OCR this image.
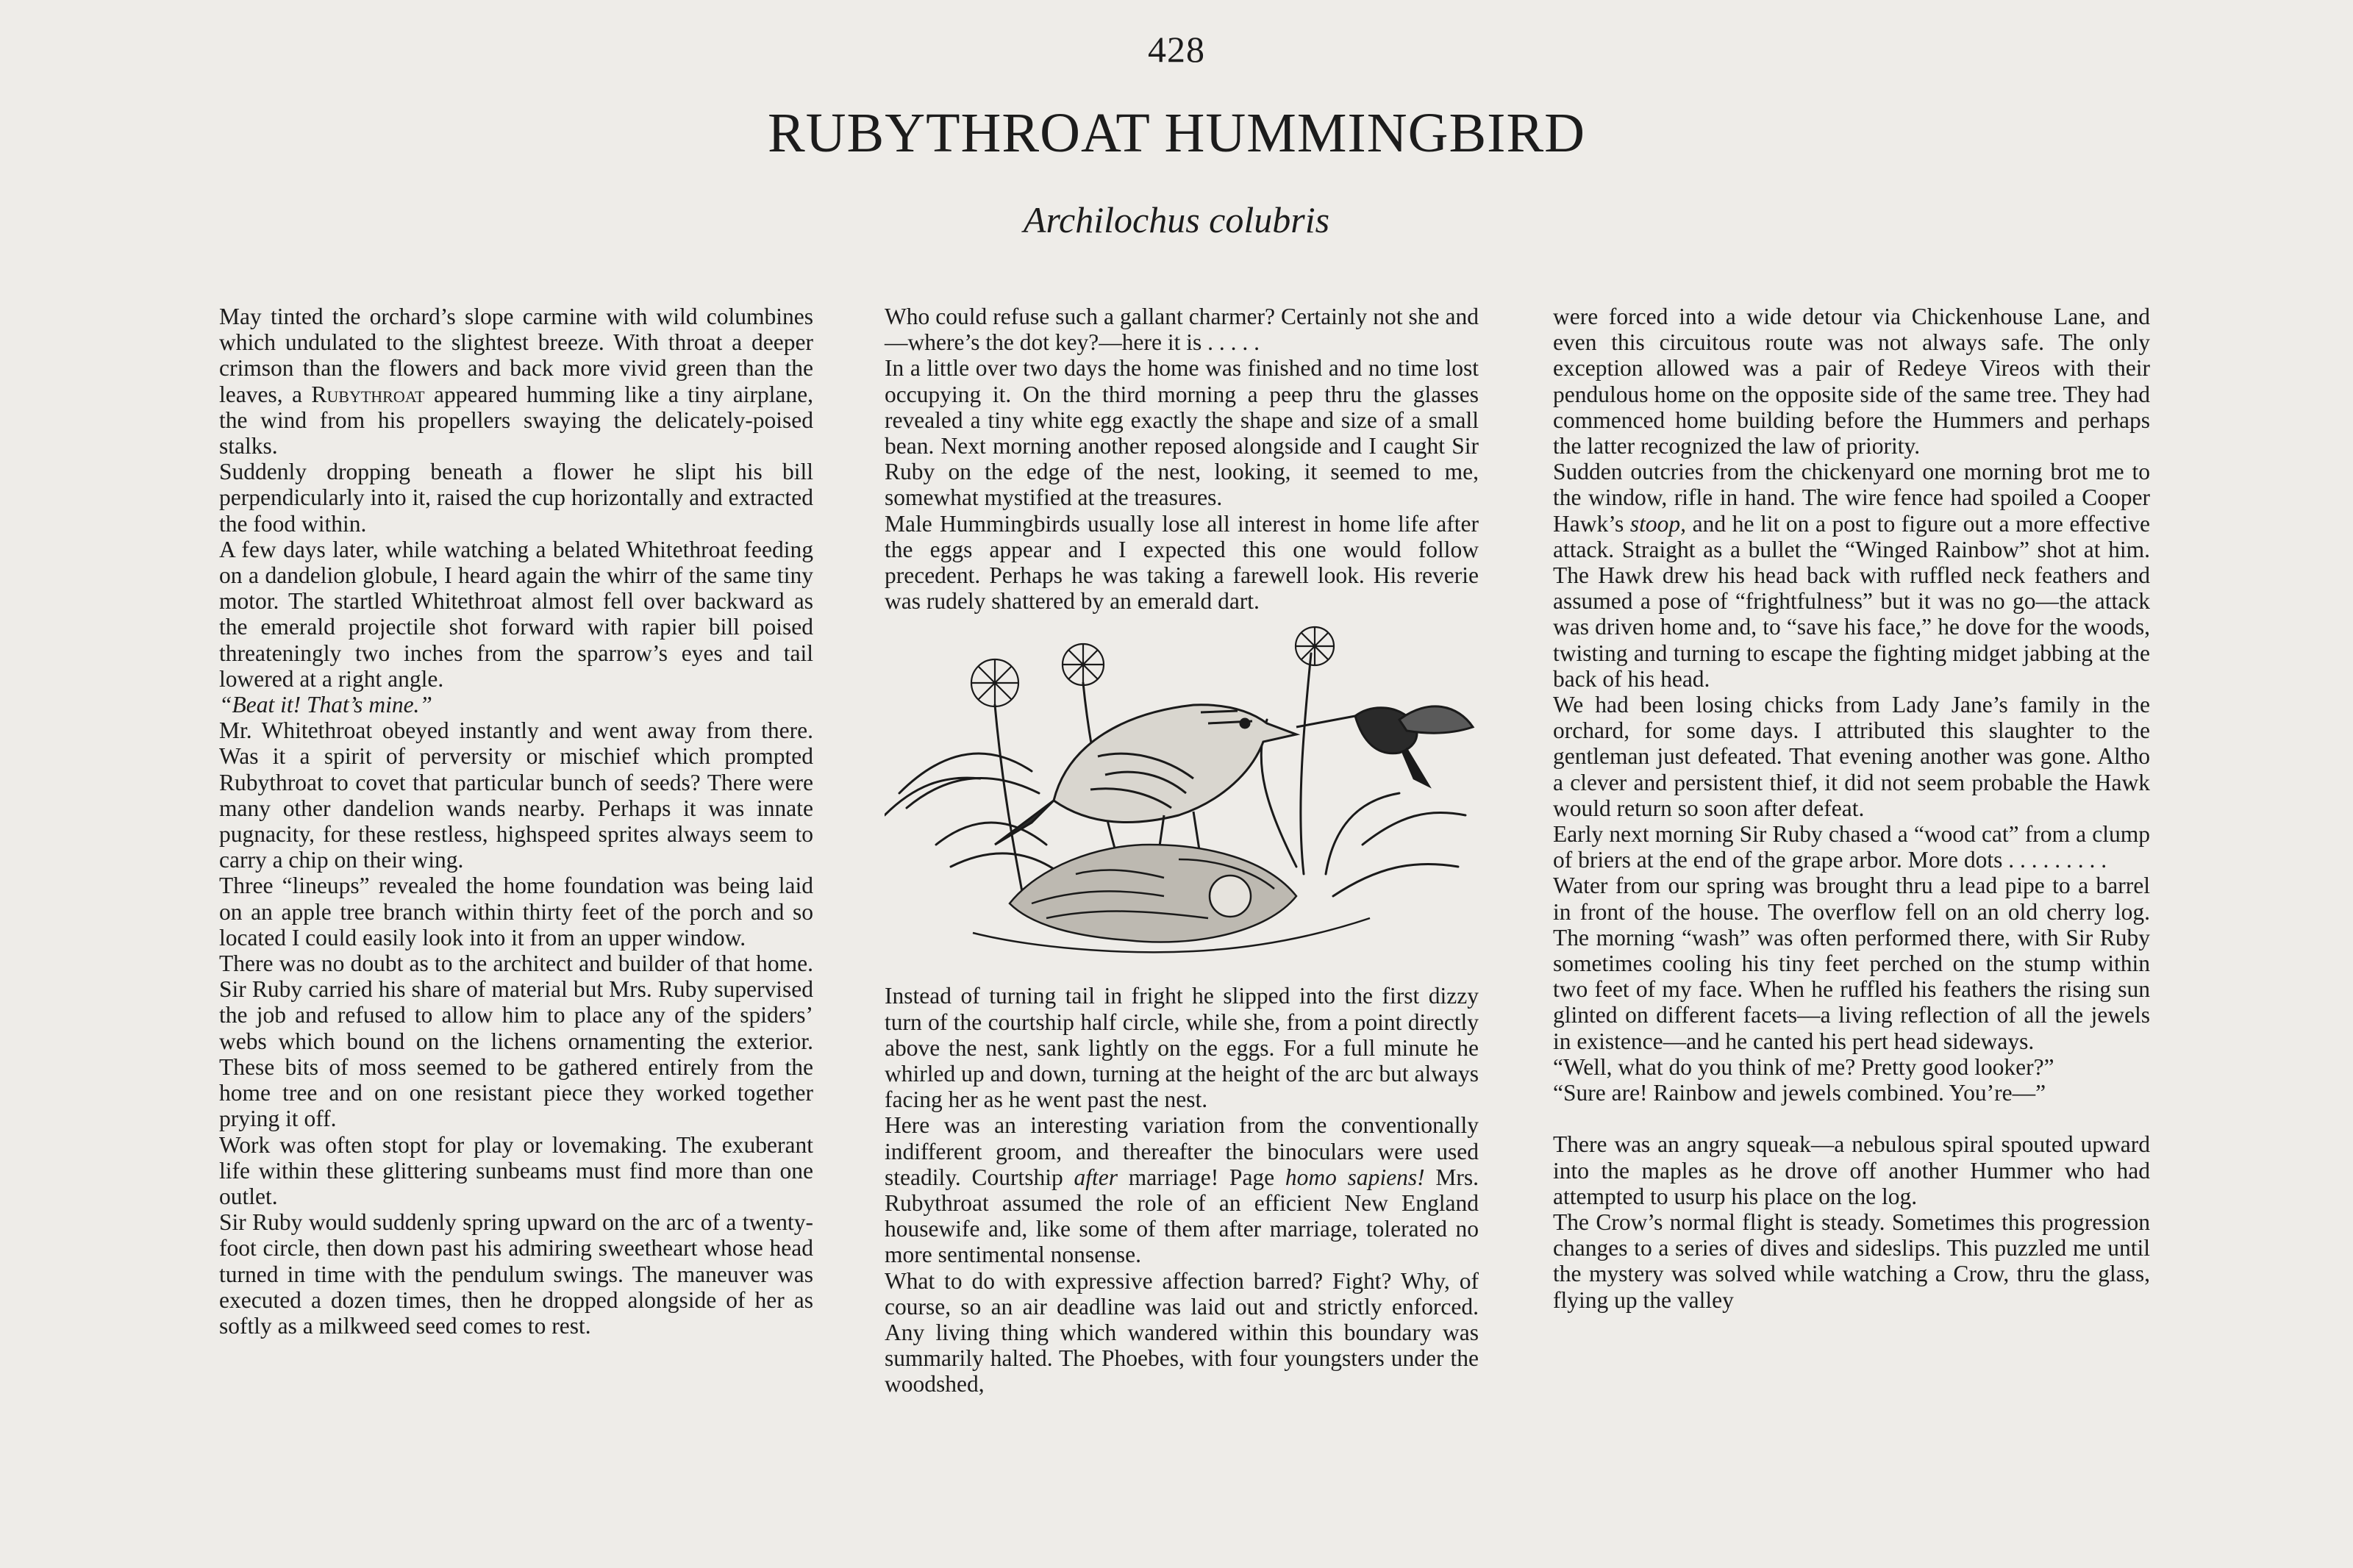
428
RUBYTHROAT HUMMINGBIRD
Archilochus colubris

May tinted the orchard’s slope carmine with wild columbines which undulated to the slightest breeze. With throat a deeper crimson than the flowers and back more vivid green than the leaves, a Rubythroat appeared humming like a tiny airplane, the wind from his propellers swaying the delicately-poised stalks.

Suddenly dropping beneath a flower he slipt his bill perpendicularly into it, raised the cup horizontally and extracted the food within.

A few days later, while watching a belated Whitethroat feeding on a dandelion globule, I heard again the whirr of the same tiny motor. The startled Whitethroat almost fell over backward as the emerald projectile shot forward with rapier bill poised threateningly two inches from the sparrow’s eyes and tail lowered at a right angle.

“Beat it! That’s mine.”

Mr. Whitethroat obeyed instantly and went away from there. Was it a spirit of perversity or mischief which prompted Rubythroat to covet that particular bunch of seeds? There were many other dandelion wands nearby. Perhaps it was innate pugnacity, for these restless, highspeed sprites always seem to carry a chip on their wing.

Three “lineups” revealed the home foundation was being laid on an apple tree branch within thirty feet of the porch and so located I could easily look into it from an upper window.

There was no doubt as to the architect and builder of that home. Sir Ruby carried his share of material but Mrs. Ruby supervised the job and refused to allow him to place any of the spiders’ webs which bound on the lichens ornamenting the exterior. These bits of moss seemed to be gathered entirely from the home tree and on one resistant piece they worked together prying it off.

Work was often stopt for play or lovemaking. The exuberant life within these glittering sunbeams must find more than one outlet.

Sir Ruby would suddenly spring upward on the arc of a twenty-foot circle, then down past his admiring sweetheart whose head turned in time with the pendulum swings. The maneuver was executed a dozen times, then he dropped alongside of her as softly as a milkweed seed comes to rest.

Who could refuse such a gallant charmer? Certainly not she and—where’s the dot key?—here it is . . . . .

In a little over two days the home was finished and no time lost occupying it. On the third morning a peep thru the glasses revealed a tiny white egg exactly the shape and size of a small bean. Next morning another reposed alongside and I caught Sir Ruby on the edge of the nest, looking, it seemed to me, somewhat mystified at the treasures.

Male Hummingbirds usually lose all interest in home life after the eggs appear and I expected this one would follow precedent. Perhaps he was taking a farewell look. His reverie was rudely shattered by an emerald dart.

Instead of turning tail in fright he slipped into the first dizzy turn of the courtship half circle, while she, from a point directly above the nest, sank lightly on the eggs. For a full minute he whirled up and down, turning at the height of the arc but always facing her as he went past the nest.

Here was an interesting variation from the conventionally indifferent groom, and thereafter the binoculars were used steadily. Courtship after marriage! Page homo sapiens! Mrs. Rubythroat assumed the role of an efficient New England housewife and, like some of them after marriage, tolerated no more sentimental nonsense.

What to do with expressive affection barred? Fight? Why, of course, so an air deadline was laid out and strictly enforced. Any living thing which wandered within this boundary was summarily halted. The Phoebes, with four youngsters under the woodshed,

were forced into a wide detour via Chickenhouse Lane, and even this circuitous route was not always safe. The only exception allowed was a pair of Redeye Vireos with their pendulous home on the opposite side of the same tree. They had commenced home building before the Hummers and perhaps the latter recognized the law of priority.

Sudden outcries from the chickenyard one morning brot me to the window, rifle in hand. The wire fence had spoiled a Cooper Hawk’s stoop, and he lit on a post to figure out a more effective attack. Straight as a bullet the “Winged Rainbow” shot at him. The Hawk drew his head back with ruffled neck feathers and assumed a pose of “frightfulness” but it was no go—the attack was driven home and, to “save his face,” he dove for the woods, twisting and turning to escape the fighting midget jabbing at the back of his head.

We had been losing chicks from Lady Jane’s family in the orchard, for some days. I attributed this slaughter to the gentleman just defeated. That evening another was gone. Altho a clever and persistent thief, it did not seem probable the Hawk would return so soon after defeat.

Early next morning Sir Ruby chased a “wood cat” from a clump of briers at the end of the grape arbor. More dots . . . . . . . . .

Water from our spring was brought thru a lead pipe to a barrel in front of the house. The overflow fell on an old cherry log. The morning “wash” was often performed there, with Sir Ruby sometimes cooling his tiny feet perched on the stump within two feet of my face. When he ruffled his feathers the rising sun glinted on different facets—a living reflection of all the jewels in existence—and he canted his pert head sideways.

“Well, what do you think of me? Pretty good looker?”

“Sure are! Rainbow and jewels combined. You’re—”

There was an angry squeak—a nebulous spiral spouted upward into the maples as he drove off another Hummer who had attempted to usurp his place on the log.

The Crow’s normal flight is steady. Sometimes this progression changes to a series of dives and sideslips. This puzzled me until the mystery was solved while watching a Crow, thru the glass, flying up the valley
